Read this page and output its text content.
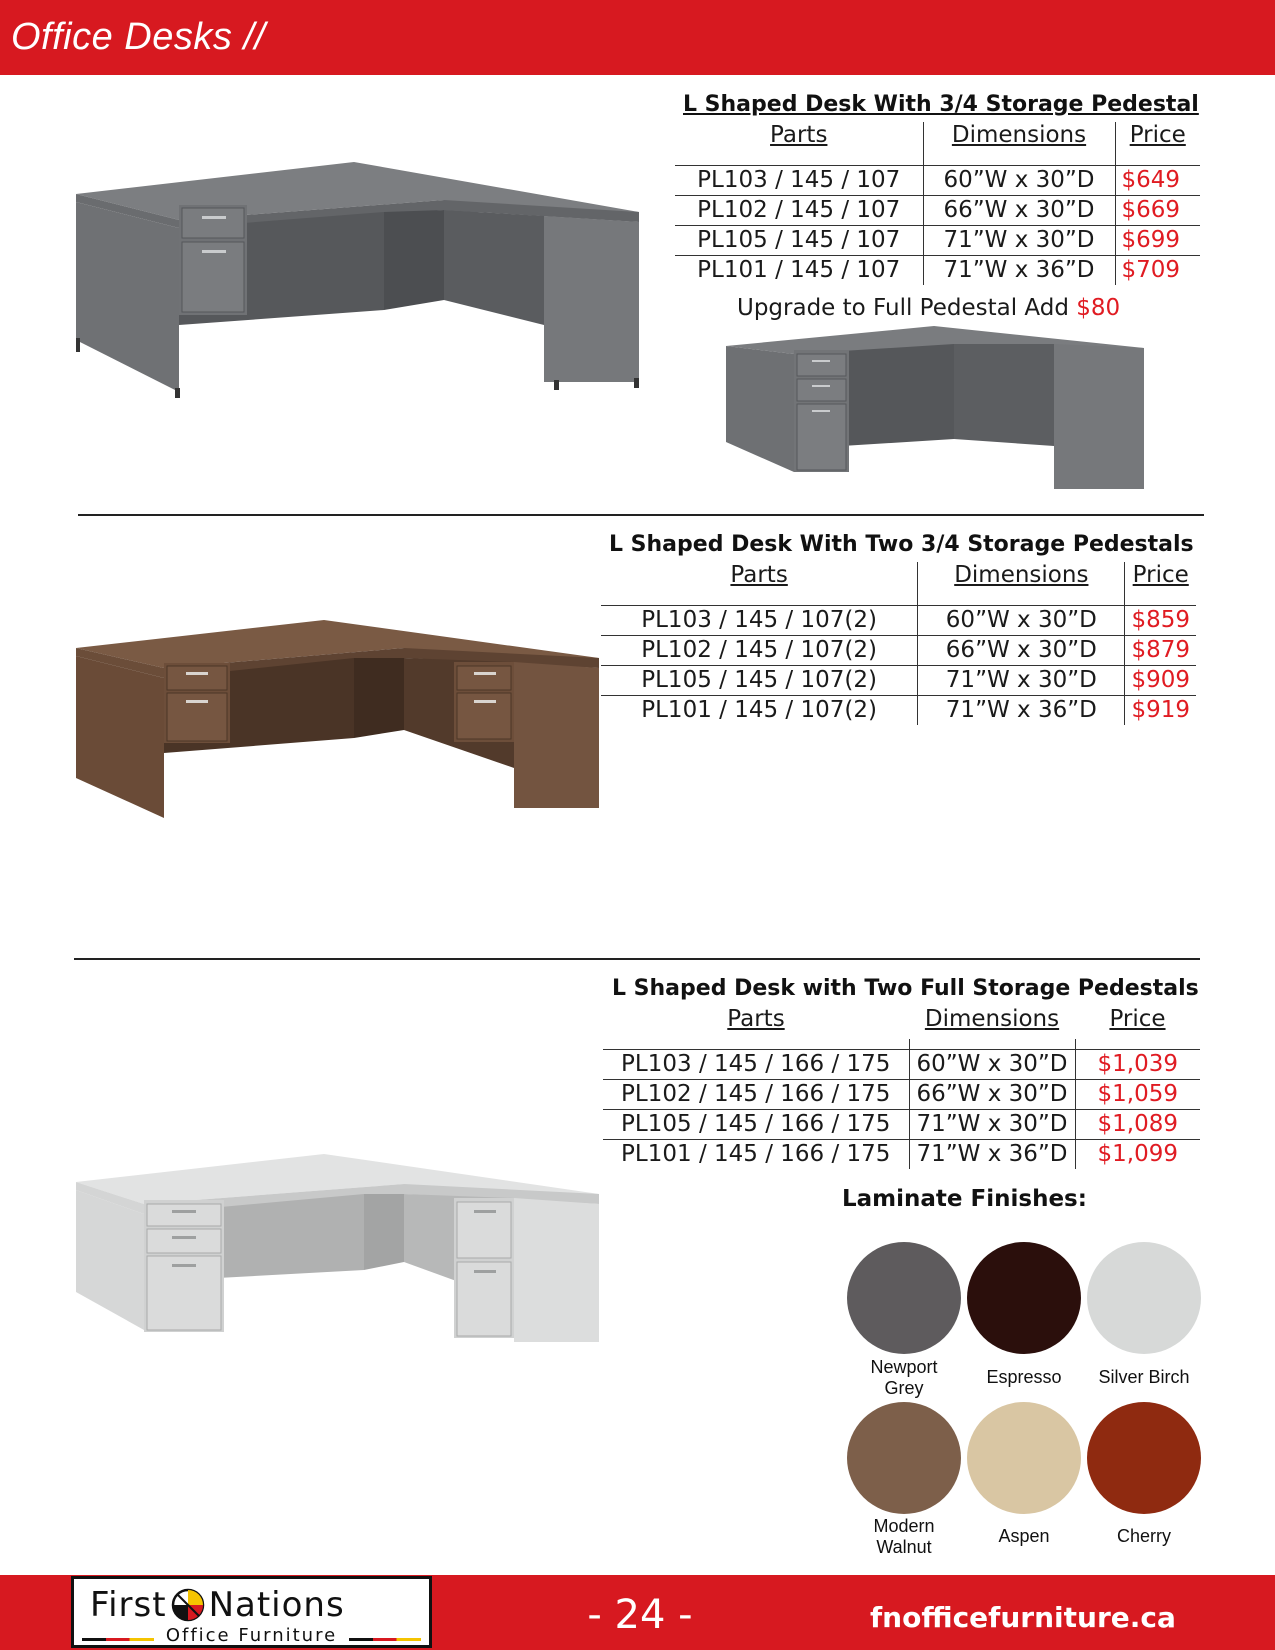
Office Desks //
L Shaped Desk With 3/4 Storage Pedestal
Parts	Dimensions	Price

PL103 / 145 / 107	60”W x 30”D	$649
PL102 / 145 / 107	66”W x 30”D	$669
PL105 / 145 / 107	71”W x 30”D	$699
PL101 / 145 / 107	71”W x 36”D	$709
Upgrade to Full Pedestal Add $80
L Shaped Desk With Two 3/4 Storage Pedestals
Parts	Dimensions	Price

PL103 / 145 / 107(2)	60”W x 30”D	$859
PL102 / 145 / 107(2)	66”W x 30”D	$879
PL105 / 145 / 107(2)	71”W x 30”D	$909
PL101 / 145 / 107(2)	71”W x 36”D	$919
L Shaped Desk with Two Full Storage Pedestals
Parts	Dimensions	Price

PL103 / 145 / 166 / 175	60”W x 30”D	$1,039
PL102 / 145 / 166 / 175	66”W x 30”D	$1,059
PL105 / 145 / 166 / 175	71”W x 30”D	$1,089
PL101 / 145 / 166 / 175	71”W x 36”D	$1,099
Laminate Finishes:
Newport Grey
Espresso	Silver Birch
Modern Walnut
Aspen	Cherry
First Nations
Office Furniture	- 24 -	fnofficefurniture.ca
